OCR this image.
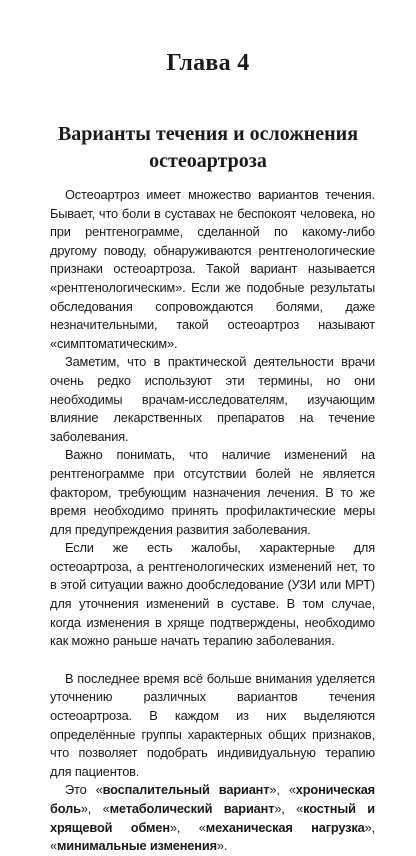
Глава 4
Варианты течения и осложнения
остеоартроза

Остеоартроз имеет множество вариантов течения. Бывает, что боли в суставах не беспокоят человека, но при рентгенограмме, сделанной по какому-либо другому поводу, обнаруживаются рентгенологические признаки остеоартроза. Такой вариант называется «рентгенологическим». Если же подобные результаты обследования сопровождаются болями, даже незначительными, такой остеоартроз называют «симптоматическим».

Заметим, что в практической деятельности врачи очень редко используют эти термины, но они необходимы врачам-исследователям, изучающим влияние лекарственных препаратов на течение заболевания.

Важно понимать, что наличие изменений на рентгенограмме при отсутствии болей не является фактором, требующим назначения лечения. В то же время необходимо принять профилактические меры для предупреждения развития заболевания.

Если же есть жалобы, характерные для остеоартроза, а рентгенологических изменений нет, то в этой ситуации важно дообследование (УЗИ или МРТ) для уточнения изменений в суставе. В том случае, когда изменения в хряще подтверждены, необходимо как можно раньше начать терапию заболевания.

В последнее время всё больше внимания уделяется уточнению различных вариантов течения остеоартроза. В каждом из них выделяются определённые группы характерных общих признаков, что позволяет подобрать индивидуальную терапию для пациентов.

Это «воспалительный вариант», «хроническая боль», «метаболический вариант», «костный и хрящевой обмен», «механическая нагрузка», «минимальные изменения».
